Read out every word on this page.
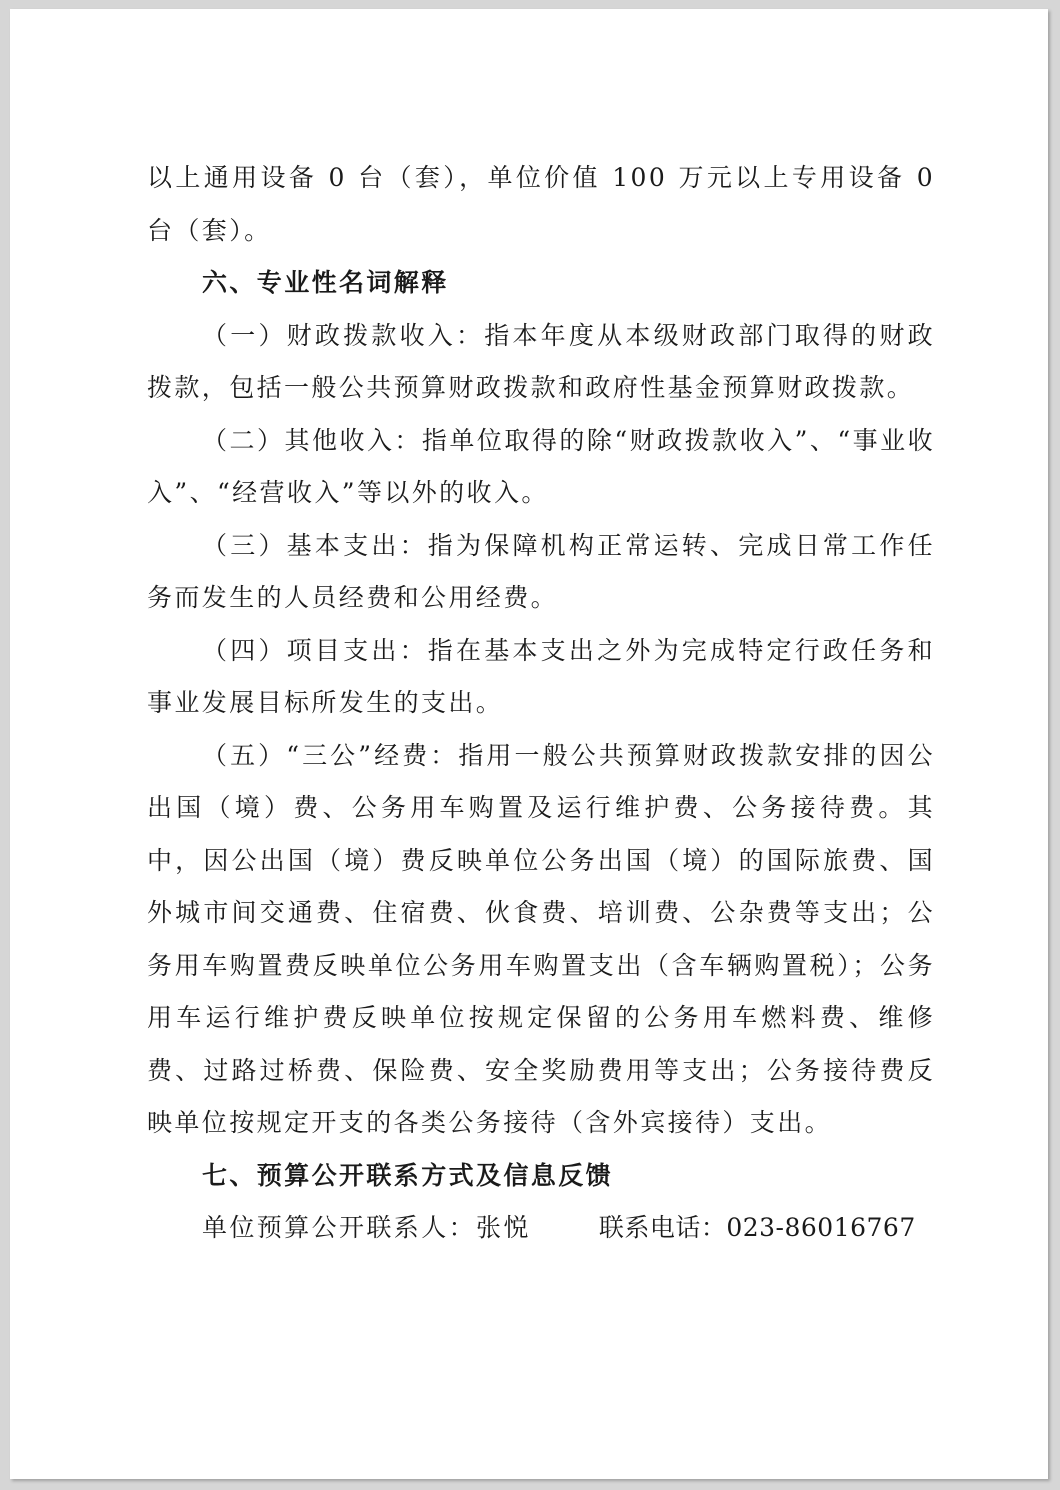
以上通用设备 0 台（套），单位价值 100 万元以上专用设备 0 台（套）。

六、专业性名词解释

（一）财政拨款收入：指本年度从本级财政部门取得的财政拨款，包括一般公共预算财政拨款和政府性基金预算财政拨款。

（二）其他收入：指单位取得的除“财政拨款收入”、“事业收入”、“经营收入”等以外的收入。

（三）基本支出：指为保障机构正常运转、完成日常工作任务而发生的人员经费和公用经费。

（四）项目支出：指在基本支出之外为完成特定行政任务和事业发展目标所发生的支出。

（五）“三公”经费：指用一般公共预算财政拨款安排的因公出国（境）费、公务用车购置及运行维护费、公务接待费。其中，因公出国（境）费反映单位公务出国（境）的国际旅费、国外城市间交通费、住宿费、伙食费、培训费、公杂费等支出；公务用车购置费反映单位公务用车购置支出（含车辆购置税）；公务用车运行维护费反映单位按规定保留的公务用车燃料费、维修费、过路过桥费、保险费、安全奖励费用等支出；公务接待费反映单位按规定开支的各类公务接待（含外宾接待）支出。

七、预算公开联系方式及信息反馈

单位预算公开联系人：张悦	联系电话：023-86016767
